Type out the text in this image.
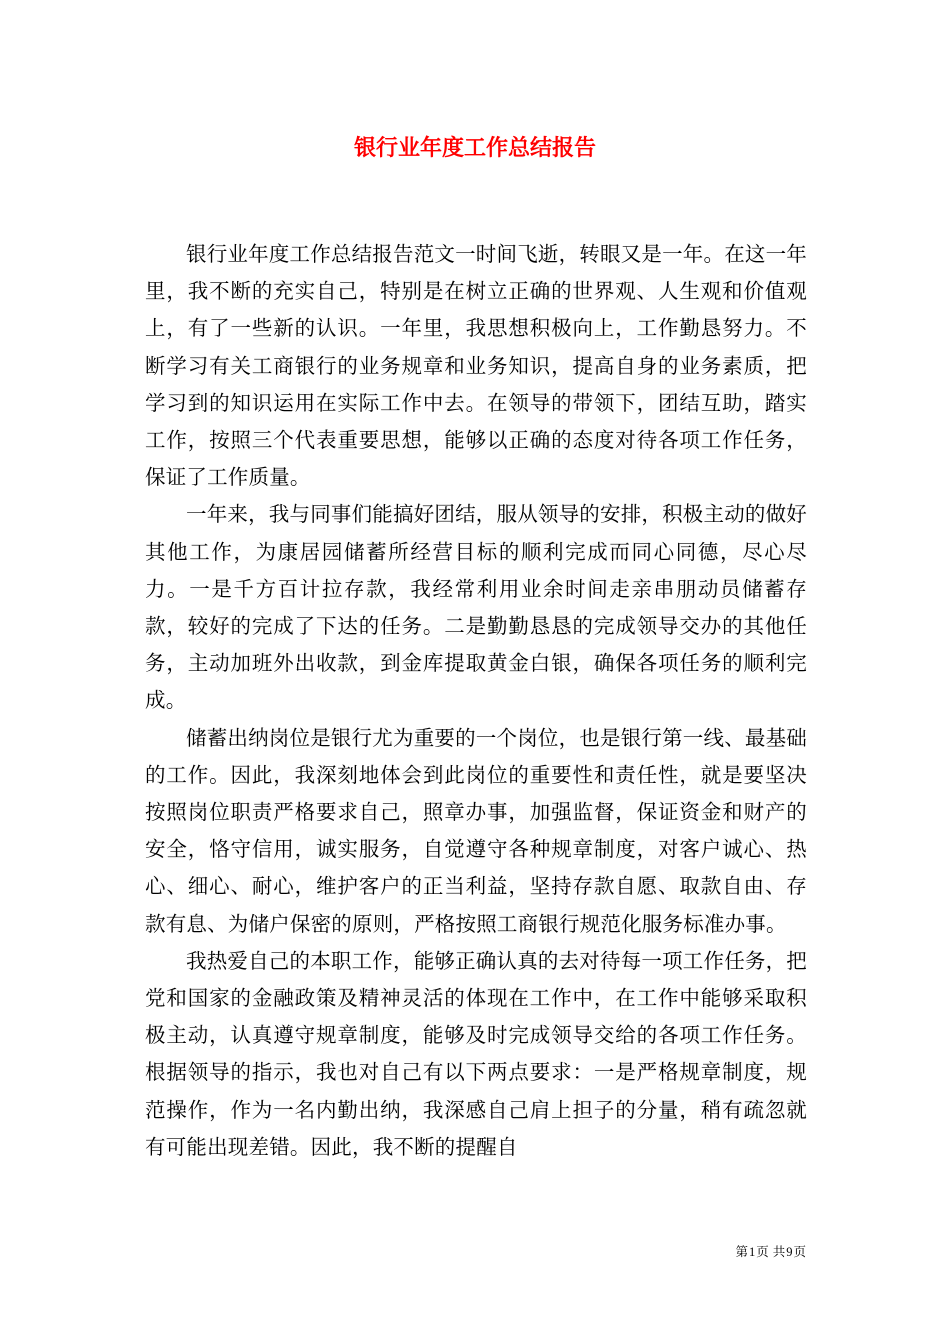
银行业年度工作总结报告

银行业年度工作总结报告范文一时间飞逝，转眼又是一年。在这一年里，我不断的充实自己，特别是在树立正确的世界观、人生观和价值观上，有了一些新的认识。一年里，我思想积极向上，工作勤恳努力。不断学习有关工商银行的业务规章和业务知识，提高自身的业务素质，把学习到的知识运用在实际工作中去。在领导的带领下，团结互助，踏实工作，按照三个代表重要思想，能够以正确的态度对待各项工作任务，保证了工作质量。

一年来，我与同事们能搞好团结，服从领导的安排，积极主动的做好其他工作，为康居园储蓄所经营目标的顺利完成而同心同德，尽心尽力。一是千方百计拉存款，我经常利用业余时间走亲串朋动员储蓄存款，较好的完成了下达的任务。二是勤勤恳恳的完成领导交办的其他任务，主动加班外出收款，到金库提取黄金白银，确保各项任务的顺利完成。

储蓄出纳岗位是银行尤为重要的一个岗位，也是银行第一线、最基础的工作。因此，我深刻地体会到此岗位的重要性和责任性，就是要坚决按照岗位职责严格要求自己，照章办事，加强监督，保证资金和财产的安全，恪守信用，诚实服务，自觉遵守各种规章制度，对客户诚心、热心、细心、耐心，维护客户的正当利益，坚持存款自愿、取款自由、存款有息、为储户保密的原则，严格按照工商银行规范化服务标准办事。

我热爱自己的本职工作，能够正确认真的去对待每一项工作任务，把党和国家的金融政策及精神灵活的体现在工作中，在工作中能够采取积极主动，认真遵守规章制度，能够及时完成领导交给的各项工作任务。根据领导的指示，我也对自己有以下两点要求：一是严格规章制度，规范操作，作为一名内勤出纳，我深感自己肩上担子的分量，稍有疏忽就有可能出现差错。因此，我不断的提醒自

第1页 共9页
